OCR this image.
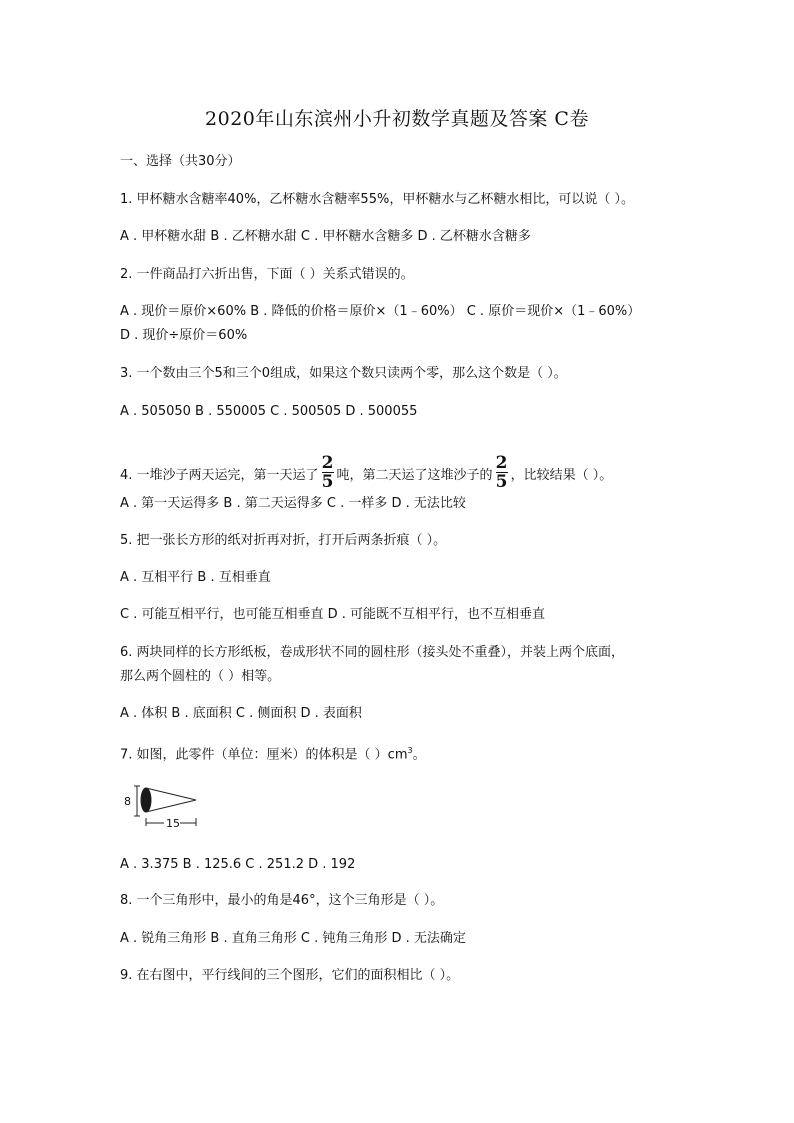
2020年山东滨州小升初数学真题及答案 C卷
一、选择（共30分）
1. 甲杯糖水含糖率40%，乙杯糖水含糖率55%，甲杯糖水与乙杯糖水相比，可以说（ ）。
A . 甲杯糖水甜 B . 乙杯糖水甜 C . 甲杯糖水含糖多 D . 乙杯糖水含糖多
2. 一件商品打六折出售，下面（ ）关系式错误的。
A . 现价＝原价×60% B . 降低的价格＝原价×（1﹣60%） C . 原价＝现价×（1﹣60%）
D . 现价÷原价＝60%
3. 一个数由三个5和三个0组成，如果这个数只读两个零，那么这个数是（ ）。
A . 505050 B . 550005 C . 500505 D . 500055
4. 一堆沙子两天运完，第一天运了 $\frac{2}{5}$ 吨，第二天运了这堆沙子的 $\frac{2}{5}$ ，比较结果（ ）。
A . 第一天运得多 B . 第二天运得多 C . 一样多 D . 无法比较
5. 把一张长方形的纸对折再对折，打开后两条折痕（ ）。
A . 互相平行 B . 互相垂直
C . 可能互相平行，也可能互相垂直 D . 可能既不互相平行，也不互相垂直
6. 两块同样的长方形纸板，卷成形状不同的圆柱形（接头处不重叠），并装上两个底面，
那么两个圆柱的（ ）相等。
A . 体积 B . 底面积 C . 侧面积 D . 表面积
7. 如图，此零件（单位：厘米）的体积是（ ）$cm^3$。
8
15
A . 3.375 B . 125.6 C . 251.2 D . 192
8. 一个三角形中，最小的角是46°，这个三角形是（ ）。
A . 锐角三角形 B . 直角三角形 C . 钝角三角形 D . 无法确定
9. 在右图中，平行线间的三个图形，它们的面积相比（ ）。
